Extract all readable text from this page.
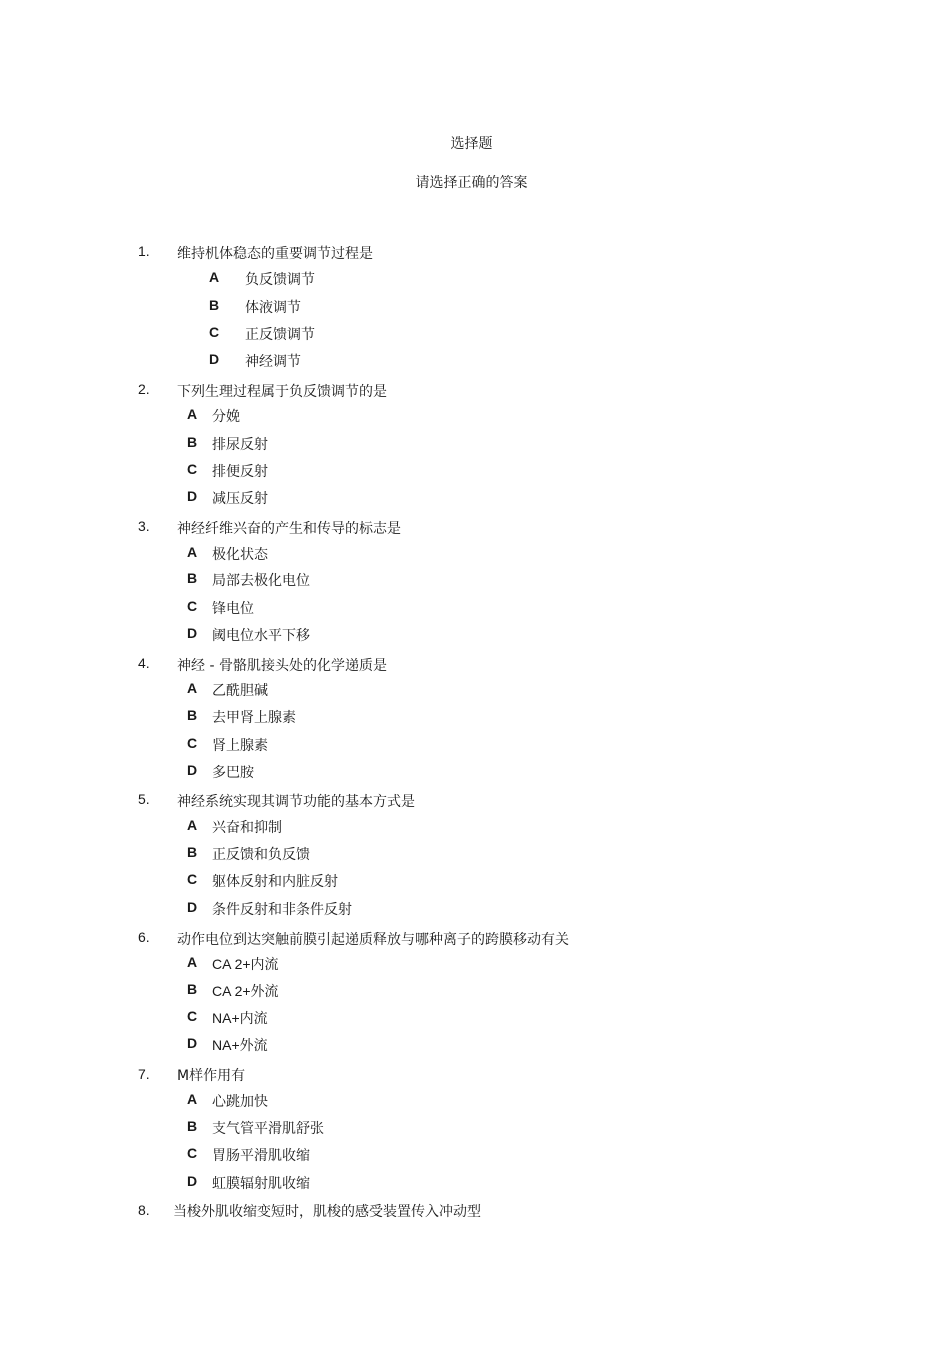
选择题
请选择正确的答案
1. 维持机体稳态的重要调节过程是
A 负反馈调节
B 体液调节
C 正反馈调节
D 神经调节
2. 下列生理过程属于负反馈调节的是
A 分娩
B 排尿反射
C 排便反射
D 减压反射
3. 神经纤维兴奋的产生和传导的标志是
A 极化状态
B 局部去极化电位
C 锋电位
D 阈电位水平下移
4. 神经 - 骨骼肌接头处的化学递质是
A 乙酰胆碱
B 去甲肾上腺素
C 肾上腺素
D 多巴胺
5. 神经系统实现其调节功能的基本方式是
A 兴奋和抑制
B 正反馈和负反馈
C 躯体反射和内脏反射
D 条件反射和非条件反射
6. 动作电位到达突触前膜引起递质释放与哪种离子的跨膜移动有关
A CA 2+内流
B CA 2+外流
C NA+内流
D NA+外流
7. M样作用有
A 心跳加快
B 支气管平滑肌舒张
C 胃肠平滑肌收缩
D 虹膜辐射肌收缩
8. 当梭外肌收缩变短时，肌梭的感受装置传入冲动型
